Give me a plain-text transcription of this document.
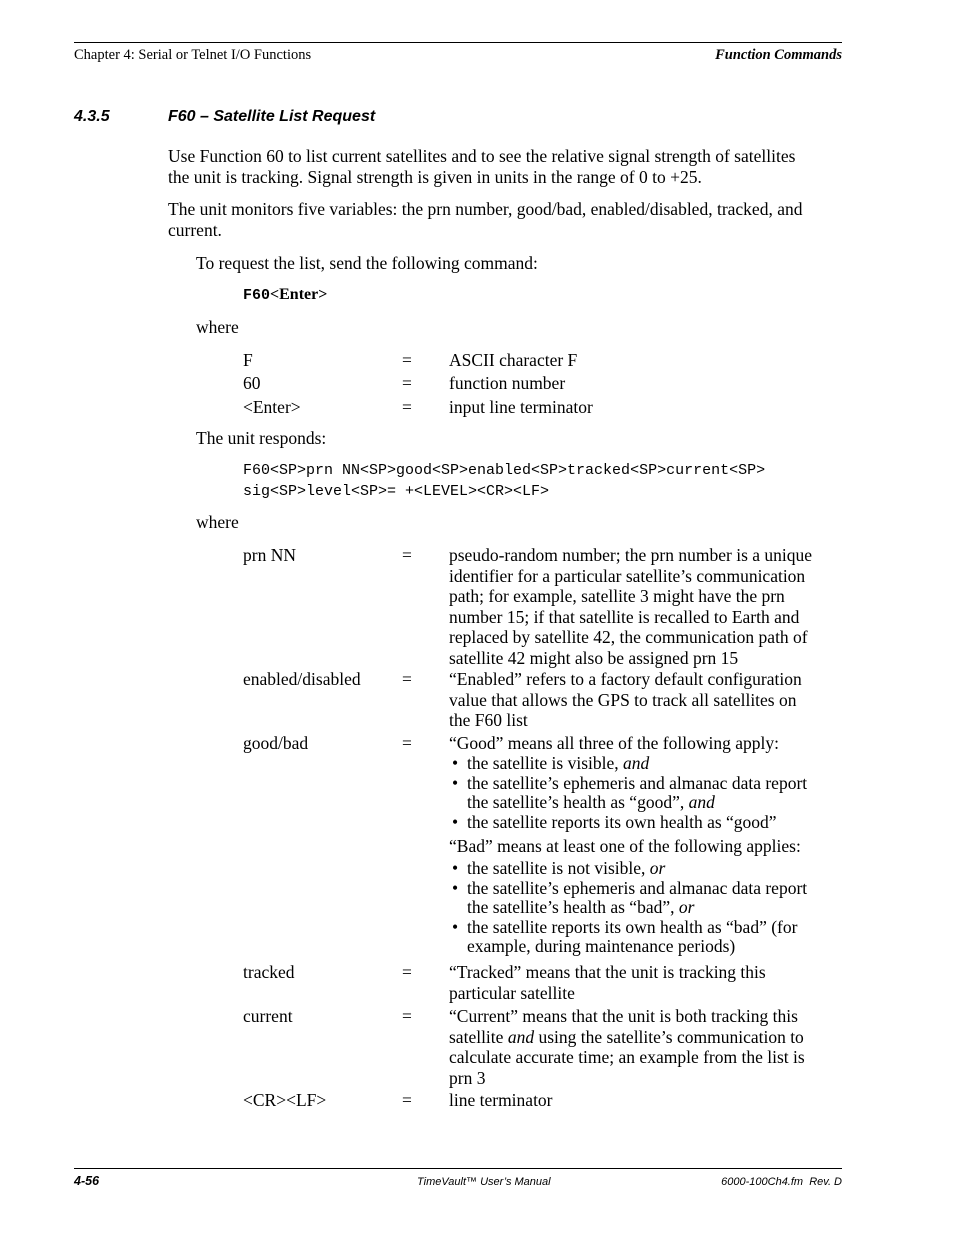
Chapter 4: Serial or Telnet I/O Functions	Function Commands
4.3.5	F60 – Satellite List Request
Use Function 60 to list current satellites and to see the relative signal strength of satellites
the unit is tracking. Signal strength is given in units in the range of 0 to +25.
The unit monitors five variables: the prn number, good/bad, enabled/disabled, tracked, and
current.
To request the list, send the following command:
F60<Enter>
where
F	= ASCII character F
60	= function number
<Enter>	= input line terminator
The unit responds:
F60<SP>prn NN<SP>good<SP>enabled<SP>tracked<SP>current<SP>
sig<SP>level<SP>= +<LEVEL><CR><LF>
where
prn NN	= pseudo-random number; the prn number is a unique
identifier for a particular satellite’s communication
path; for example, satellite 3 might have the prn
number 15; if that satellite is recalled to Earth and
replaced by satellite 42, the communication path of
satellite 42 might also be assigned prn 15
enabled/disabled = “Enabled” refers to a factory default configuration
value that allows the GPS to track all satellites on
the F60 list
good/bad	= “Good” means all three of the following apply:
• the satellite is visible, and
• the satellite’s ephemeris and almanac data report
the satellite’s health as “good”, and
• the satellite reports its own health as “good”
“Bad” means at least one of the following applies:
• the satellite is not visible, or
• the satellite’s ephemeris and almanac data report
the satellite’s health as “bad”, or
• the satellite reports its own health as “bad” (for
example, during maintenance periods)
tracked	= “Tracked” means that the unit is tracking this
particular satellite
current	= “Current” means that the unit is both tracking this
satellite and using the satellite’s communication to
calculate accurate time; an example from the list is
prn 3
<CR><LF>	= line terminator
4-56	TimeVault™ User’s Manual	6000-100Ch4.fm  Rev. D
